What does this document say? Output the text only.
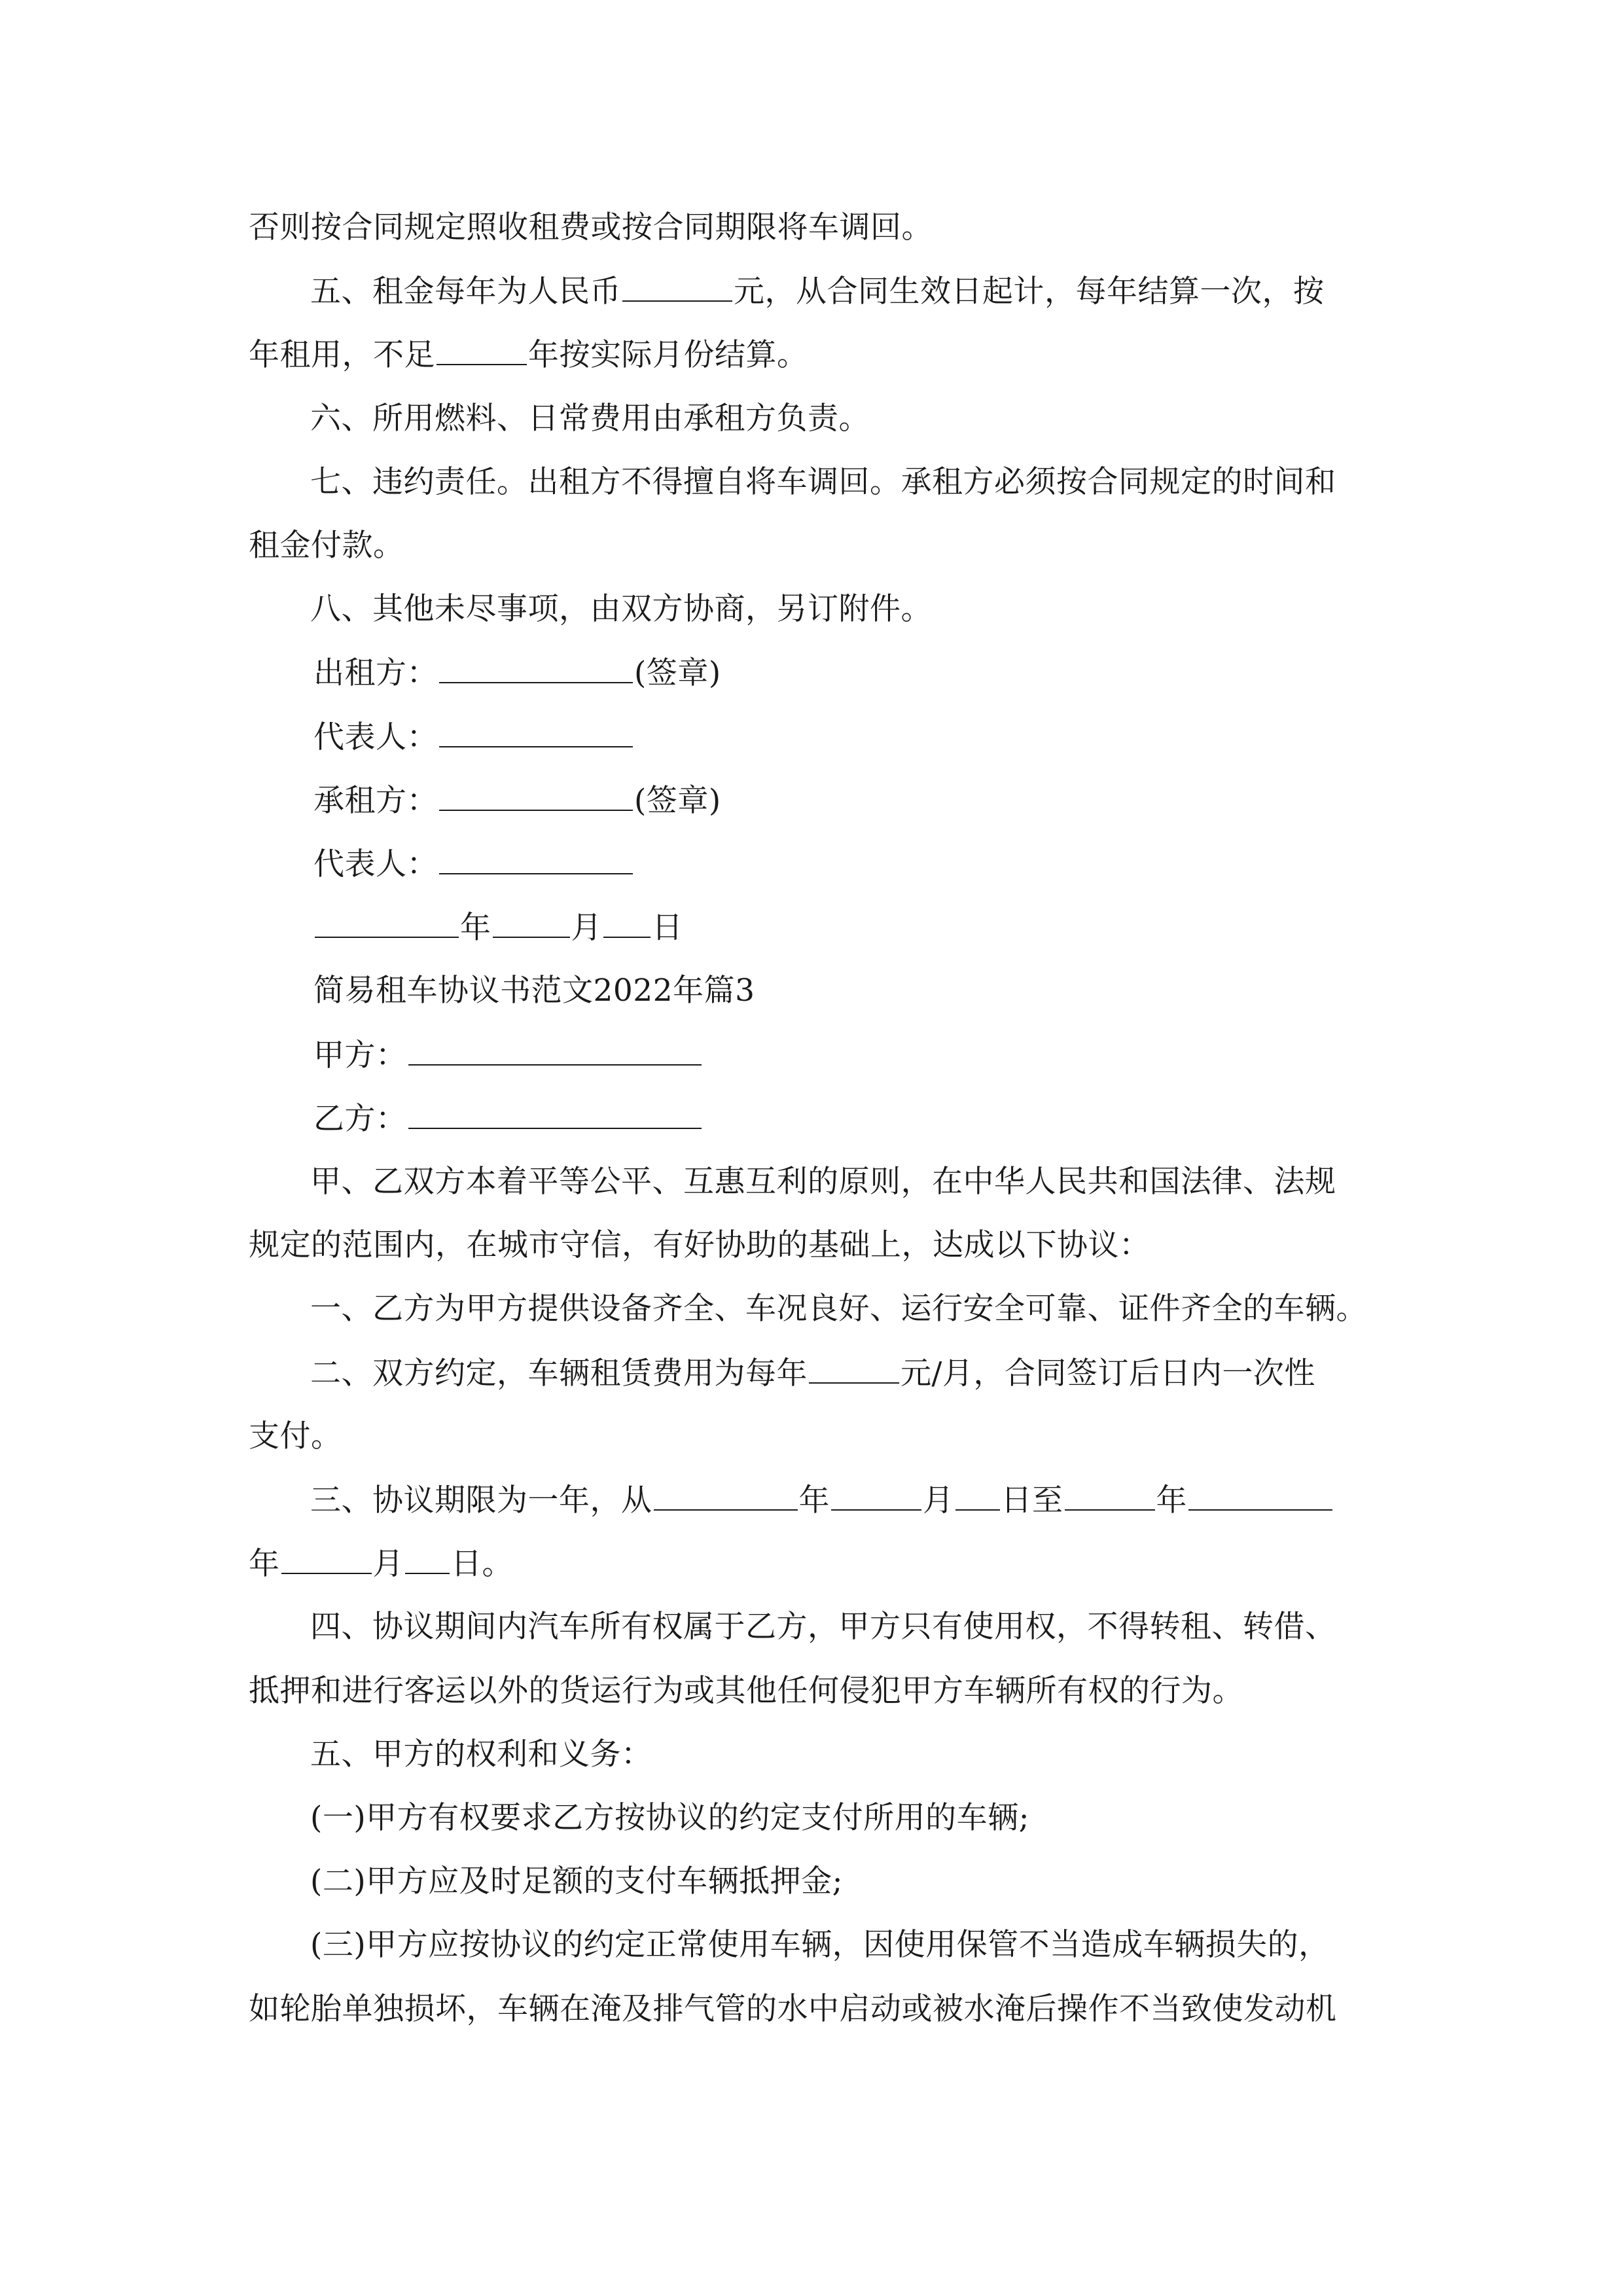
否则按合同规定照收租费或按合同期限将车调回。
五、租金每年为人民币	元，从合同生效日起计，每年结算一次，按
年租用，不足	年按实际月份结算。
六、所用燃料、日常费用由承租方负责。
七、违约责任。出租方不得擅自将车调回。承租方必须按合同规定的时间和
租金付款。
八、其他未尽事项，由双方协商，另订附件。
出租方：	(签章)
代表人：
承租方：	(签章)
代表人：
年	月 日
简易租车协议书范文2022年篇3
甲方：
乙方：
甲、乙双方本着平等公平、互惠互利的原则，在中华人民共和国法律、法规
规定的范围内，在城市守信，有好协助的基础上，达成以下协议：
一、乙方为甲方提供设备齐全、车况良好、运行安全可靠、证件齐全的车辆。
二、双方约定，车辆租赁费用为每年	元/月，合同签订后日内一次性
支付。
三、协议期限为一年，从	年	月 日至	年
年	月 日。
四、协议期间内汽车所有权属于乙方，甲方只有使用权，不得转租、转借、
抵押和进行客运以外的货运行为或其他任何侵犯甲方车辆所有权的行为。
五、甲方的权利和义务：
(一)甲方有权要求乙方按协议的约定支付所用的车辆;
(二)甲方应及时足额的支付车辆抵押金;
(三)甲方应按协议的约定正常使用车辆，因使用保管不当造成车辆损失的，
如轮胎单独损坏，车辆在淹及排气管的水中启动或被水淹后操作不当致使发动机
